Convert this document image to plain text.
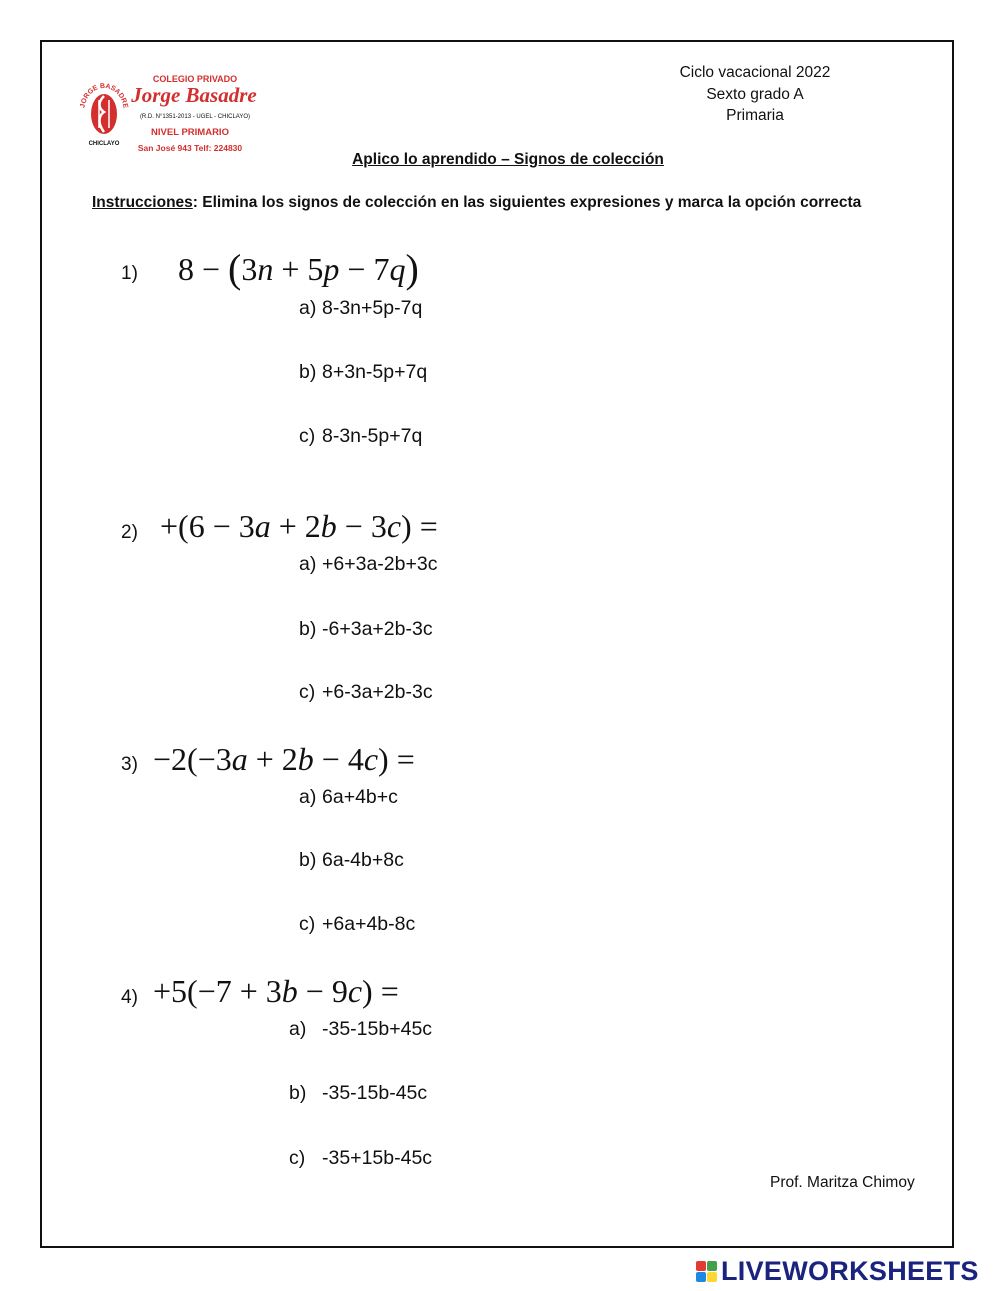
JORGE BASADRE
CHICLAYO
COLEGIO PRIVADO
Jorge Basadre
(R.D. N°1351-2013 - UGEL - CHICLAYO)
NIVEL PRIMARIO
San José 943 Telf: 224830
Ciclo vacacional 2022
Sexto grado A
Primaria
Aplico lo aprendido – Signos de colección
Instrucciones: Elimina los signos de colección en las siguientes expresiones y marca la opción correcta
1) 8 − (3n + 5p − 7q)
a) 8-3n+5p-7q
b) 8+3n-5p+7q
c) 8-3n-5p+7q
2) +(6 − 3a + 2b − 3c) =
a) +6+3a-2b+3c
b) -6+3a+2b-3c
c) +6-3a+2b-3c
3) −2(−3a + 2b − 4c) =
a) 6a+4b+c
b) 6a-4b+8c
c) +6a+4b-8c
4) +5(−7 + 3b − 9c) =
a) -35-15b+45c
b) -35-15b-45c
c) -35+15b-45c
Prof. Maritza Chimoy
LIVEWORKSHEETS
